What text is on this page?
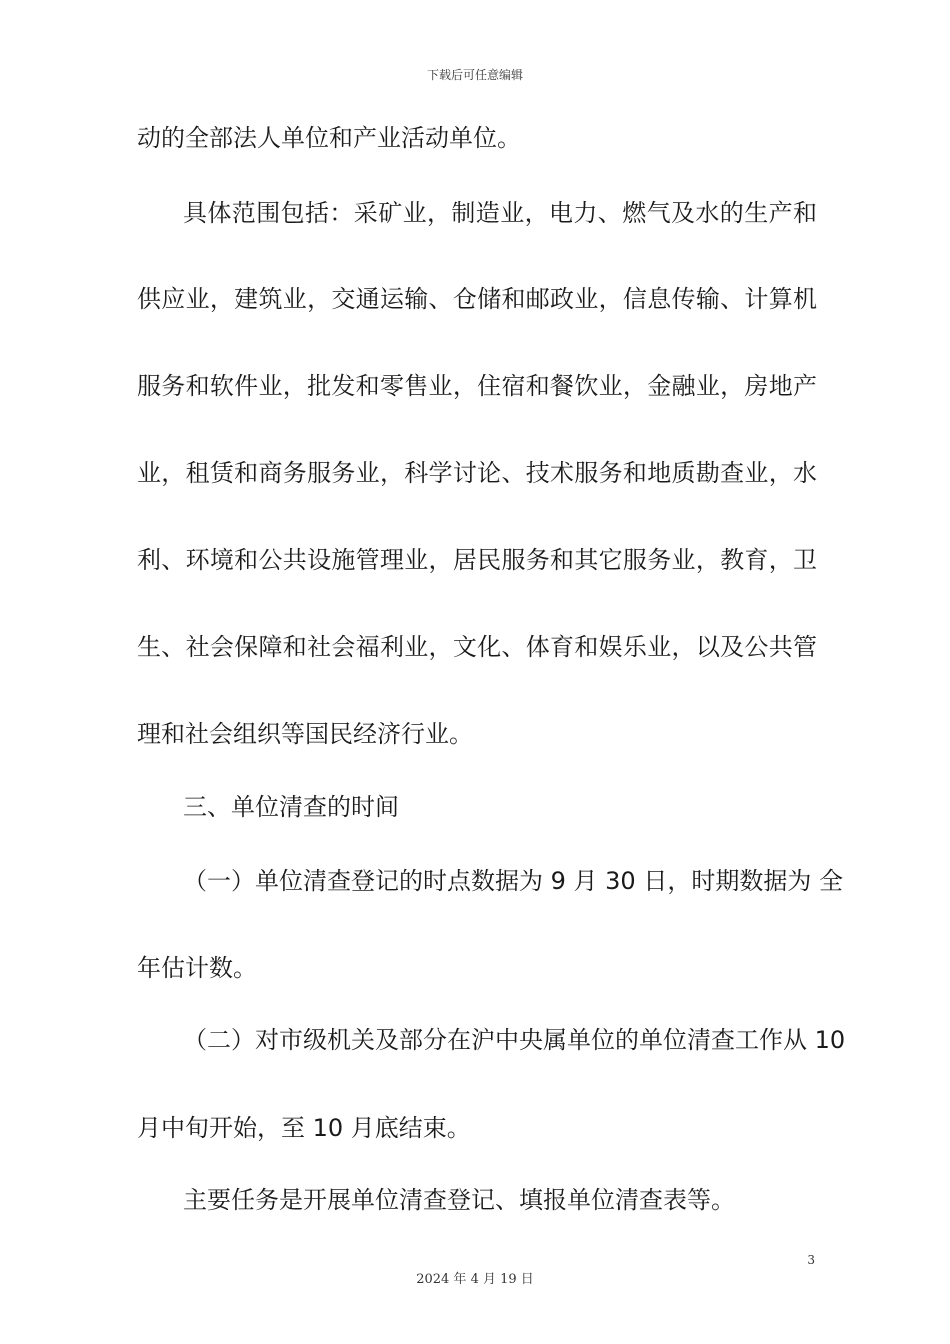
下载后可任意编辑
动的全部法人单位和产业活动单位。
具体范围包括：采矿业，制造业，电力、燃气及水的生产和
供应业，建筑业，交通运输、仓储和邮政业，信息传输、计算机
服务和软件业，批发和零售业，住宿和餐饮业，金融业，房地产
业，租赁和商务服务业，科学讨论、技术服务和地质勘查业，水
利、环境和公共设施管理业，居民服务和其它服务业，教育，卫
生、社会保障和社会福利业，文化、体育和娱乐业，以及公共管
理和社会组织等国民经济行业。
三、单位清查的时间
（一）单位清查登记的时点数据为 9 月 30 日，时期数据为 全
年估计数。
（二）对市级机关及部分在沪中央属单位的单位清查工作从 10
月中旬开始，至 10 月底结束。
主要任务是开展单位清查登记、填报单位清查表等。
3
2024 年 4 月 19 日
